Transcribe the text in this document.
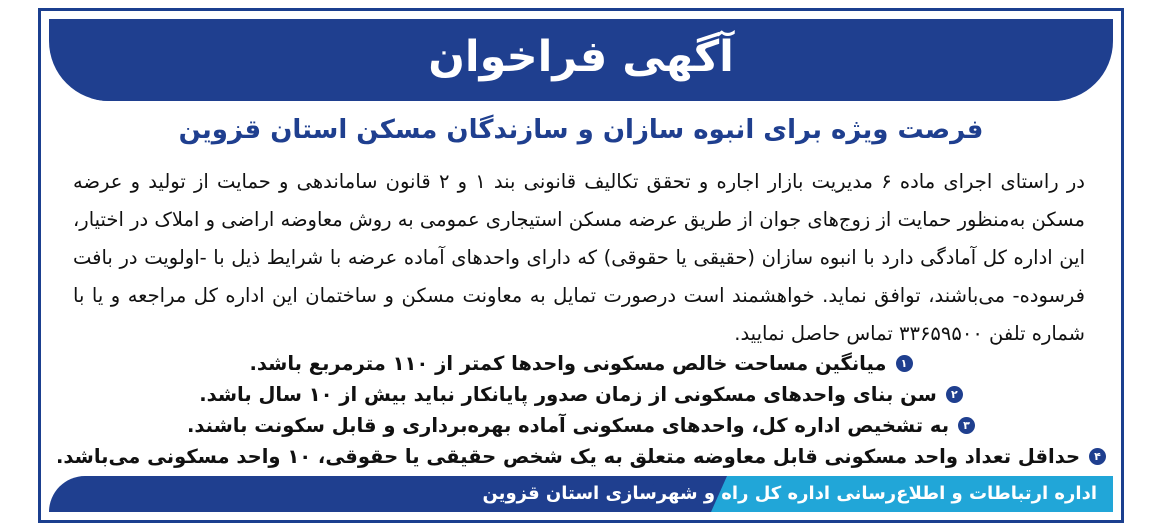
آگهی فراخوان
فرصت ویژه برای انبوه سازان و سازندگان مسکن استان قزوین
در راستای اجرای ماده ۶ مدیریت بازار اجاره و تحقق تکالیف قانونی بند ۱ و ۲ قانون ساماندهی و حمایت از تولید و عرضه مسکن به‌منظور حمایت از زوج‌های جوان از طریق عرضه مسکن استیجاری عمومی به روش معاوضه اراضی و املاک در اختیار، این اداره کل آمادگی دارد با انبوه سازان (حقیقی یا حقوقی) که دارای واحدهای آماده عرضه با شرایط ذیل با -اولویت در بافت فرسوده- می‌باشند، توافق نماید. خواهشمند است درصورت تمایل به معاونت مسکن و ساختمان این اداره کل مراجعه و یا با شماره تلفن ۳۳۶۵۹۵۰۰ تماس حاصل نمایید.
۱
میانگین مساحت خالص مسکونی واحدها کمتر از ۱۱۰ مترمربع باشد.
۲
سن بنای واحدهای مسکونی از زمان صدور پایانکار نباید بیش از ۱۰ سال باشد.
۳
به تشخیص اداره کل، واحدهای مسکونی آماده بهره‌برداری و قابل سکونت باشند.
۴
حداقل تعداد واحد مسکونی قابل معاوضه متعلق به یک شخص حقیقی یا حقوقی، ۱۰ واحد مسکونی می‌باشد.
اداره ارتباطات و اطلاع‌رسانی اداره کل راه و شهرسازی استان قزوین
